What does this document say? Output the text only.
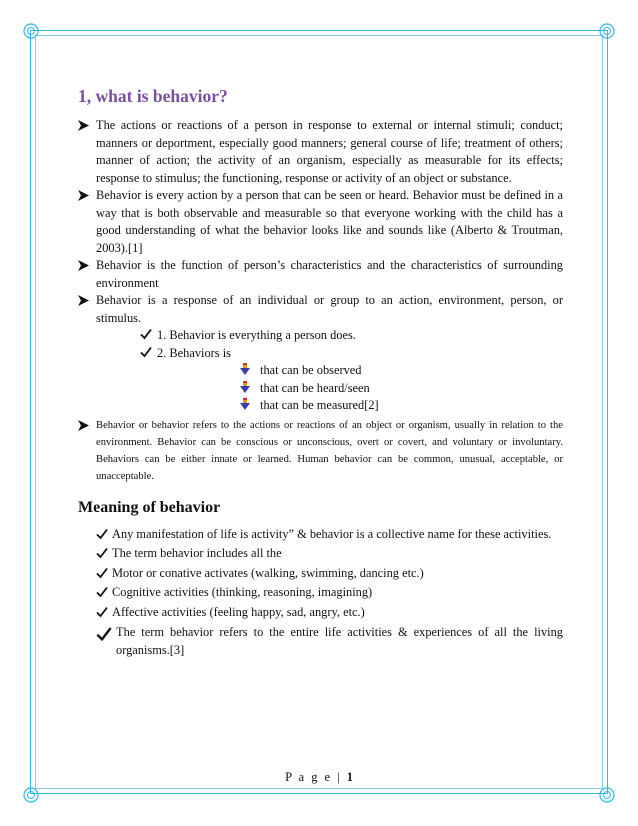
1, what is behavior?
The actions or reactions of a person in response to external or internal stimuli; conduct; manners or deportment, especially good manners; general course of life; treatment of others; manner of action; the activity of an organism, especially as measurable for its effects; response to stimulus; the functioning, response or activity of an object or substance.
Behavior is every action by a person that can be seen or heard. Behavior must be defined in a way that is both observable and measurable so that everyone working with the child has a good understanding of what the behavior looks like and sounds like (Alberto & Troutman, 2003).[1]
Behavior is the function of person’s characteristics and the characteristics of surrounding environment
Behavior is a response of an individual or group to an action, environment, person, or stimulus.
1. Behavior is everything a person does.
2. Behaviors is
that can be observed
that can be heard/seen
that can be measured[2]
Behavior or behavior refers to the actions or reactions of an object or organism, usually in relation to the environment. Behavior can be conscious or unconscious, overt or covert, and voluntary or involuntary. Behaviors can be either innate or learned. Human behavior can be common, unusual, acceptable, or unacceptable.
Meaning of behavior
Any manifestation of life is activity” & behavior is a collective name for these activities.
The term behavior includes all the
Motor or conative activates (walking, swimming, dancing etc.)
Cognitive activities (thinking, reasoning, imagining)
Affective activities (feeling happy, sad, angry, etc.)
The term behavior refers to the entire life activities & experiences of all the living organisms.[3]
P a g e | 1
